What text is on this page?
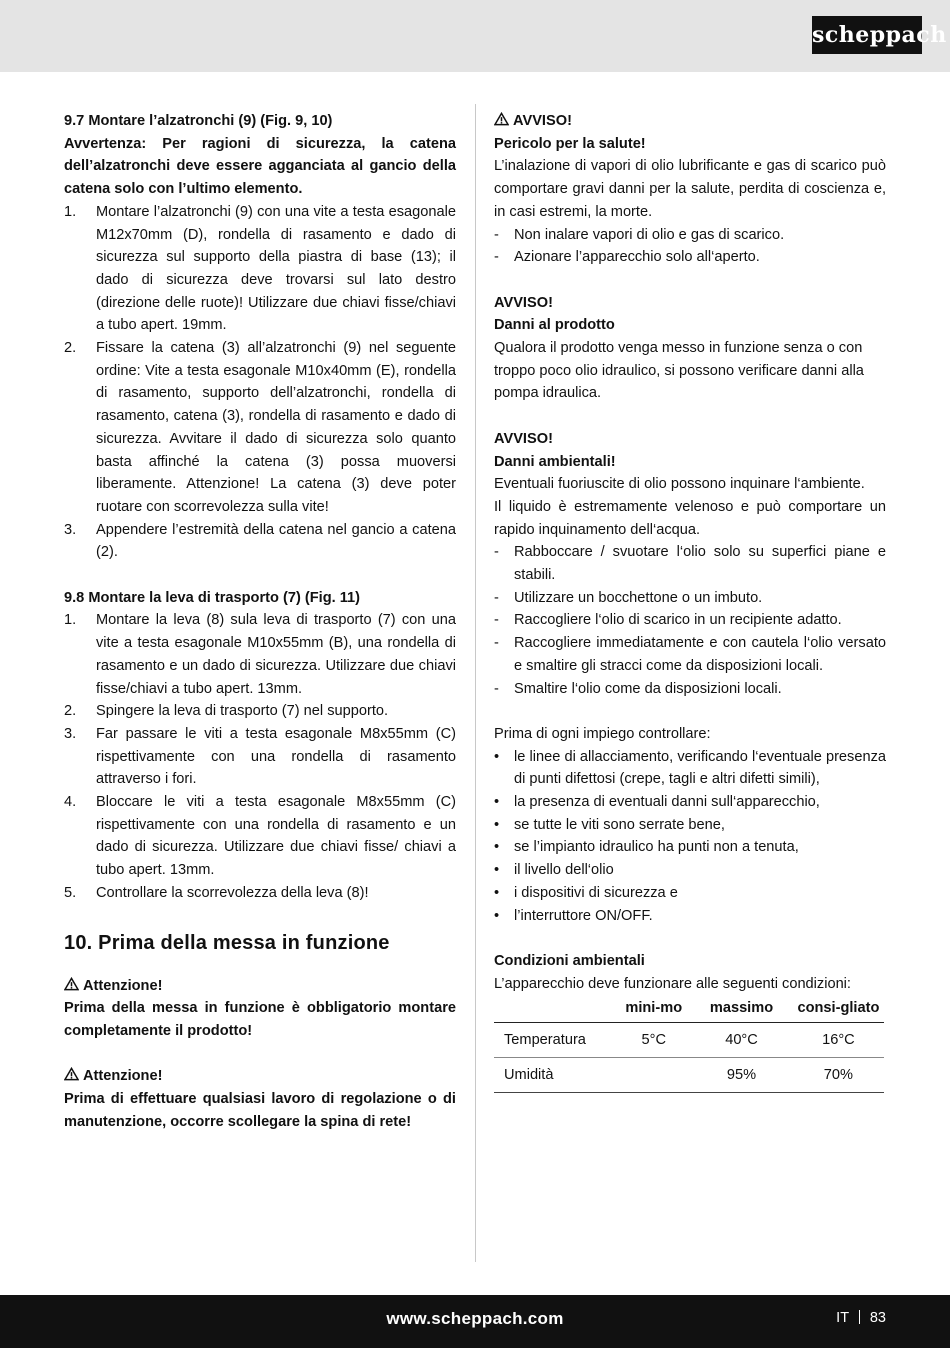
scheppach

9.7 Montare l’alzatronchi (9) (Fig. 9, 10)

Avvertenza: Per ragioni di sicurezza, la catena dell’alzatronchi deve essere agganciata al gancio della catena solo con l’ultimo elemento.

1.	Montare l’alzatronchi (9) con una vite a testa esagonale M12x70mm (D), rondella di rasamento e dado di sicurezza sul supporto della piastra di base (13); il dado di sicurezza deve trovarsi sul lato destro (direzione delle ruote)! Utilizzare due chiavi fisse/chiavi a tubo apert. 19mm.
2.	Fissare la catena (3) all’alzatronchi (9) nel seguente ordine: Vite a testa esagonale M10x40mm (E), rondella di rasamento, supporto dell’alzatronchi, rondella di rasamento, catena (3), rondella di rasamento e dado di sicurezza. Avvitare il dado di sicurezza solo quanto basta affinché la catena (3) possa muoversi liberamente. Attenzione! La catena (3) deve poter ruotare con scorrevolezza sulla vite!
3.	Appendere l’estremità della catena nel gancio a catena (2).

9.8 Montare la leva di trasporto (7) (Fig. 11)

1.	Montare la leva (8) sula leva di trasporto (7) con una vite a testa esagonale M10x55mm (B), una rondella di rasamento e un dado di sicurezza. Utilizzare due chiavi fisse/chiavi a tubo apert. 13mm.
2.	Spingere la leva di trasporto (7) nel supporto.
3.	Far passare le viti a testa esagonale M8x55mm (C) rispettivamente con una rondella di rasamento attraverso i fori.
4.	Bloccare le viti a testa esagonale M8x55mm (C) rispettivamente con una rondella di rasamento e un dado di sicurezza. Utilizzare due chiavi fisse/ chiavi a tubo apert. 13mm.
5.	Controllare la scorrevolezza della leva (8)!
10. Prima della messa in funzione

Attenzione!

Prima della messa in funzione è obbligatorio montare completamente il prodotto!

Attenzione!

Prima di effettuare qualsiasi lavoro di regolazione o di manutenzione, occorre scollegare la spina di rete!

AVVISO!

Pericolo per la salute!

L’inalazione di vapori di olio lubrificante e gas di scarico può comportare gravi danni per la salute, perdita di coscienza e, in casi estremi, la morte.

-	Non inalare vapori di olio e gas di scarico.
-	Azionare l’apparecchio solo all‘aperto.

AVVISO!

Danni al prodotto

Qualora il prodotto venga messo in funzione senza o con troppo poco olio idraulico, si possono verificare danni alla pompa idraulica.

AVVISO!

Danni ambientali!

Eventuali fuoriuscite di olio possono inquinare l‘ambiente.

Il liquido è estremamente velenoso e può comportare un rapido inquinamento dell‘acqua.

-	Rabboccare / svuotare l‘olio solo su superfici piane e stabili.
-	Utilizzare un bocchettone o un imbuto.
-	Raccogliere l‘olio di scarico in un recipiente adatto.
-	Raccogliere immediatamente e con cautela l‘olio versato e smaltire gli stracci come da disposizioni locali.
-	Smaltire l‘olio come da disposizioni locali.

Prima di ogni impiego controllare:

•	le linee di allacciamento, verificando l‘eventuale presenza di punti difettosi (crepe, tagli e altri difetti simili),
•	la presenza di eventuali danni sull‘apparecchio,
•	se tutte le viti sono serrate bene,
•	se l’impianto idraulico ha punti non a tenuta,
•	il livello dell‘olio
•	i dispositivi di sicurezza e
•	l’interruttore ON/OFF.

Condizioni ambientali

L’apparecchio deve funzionare alle seguenti condizioni:

	mini-mo	massimo	consi-gliato
Temperatura	5°C	40°C	16°C
Umidità		95%	70%
www.scheppach.com	IT 83
